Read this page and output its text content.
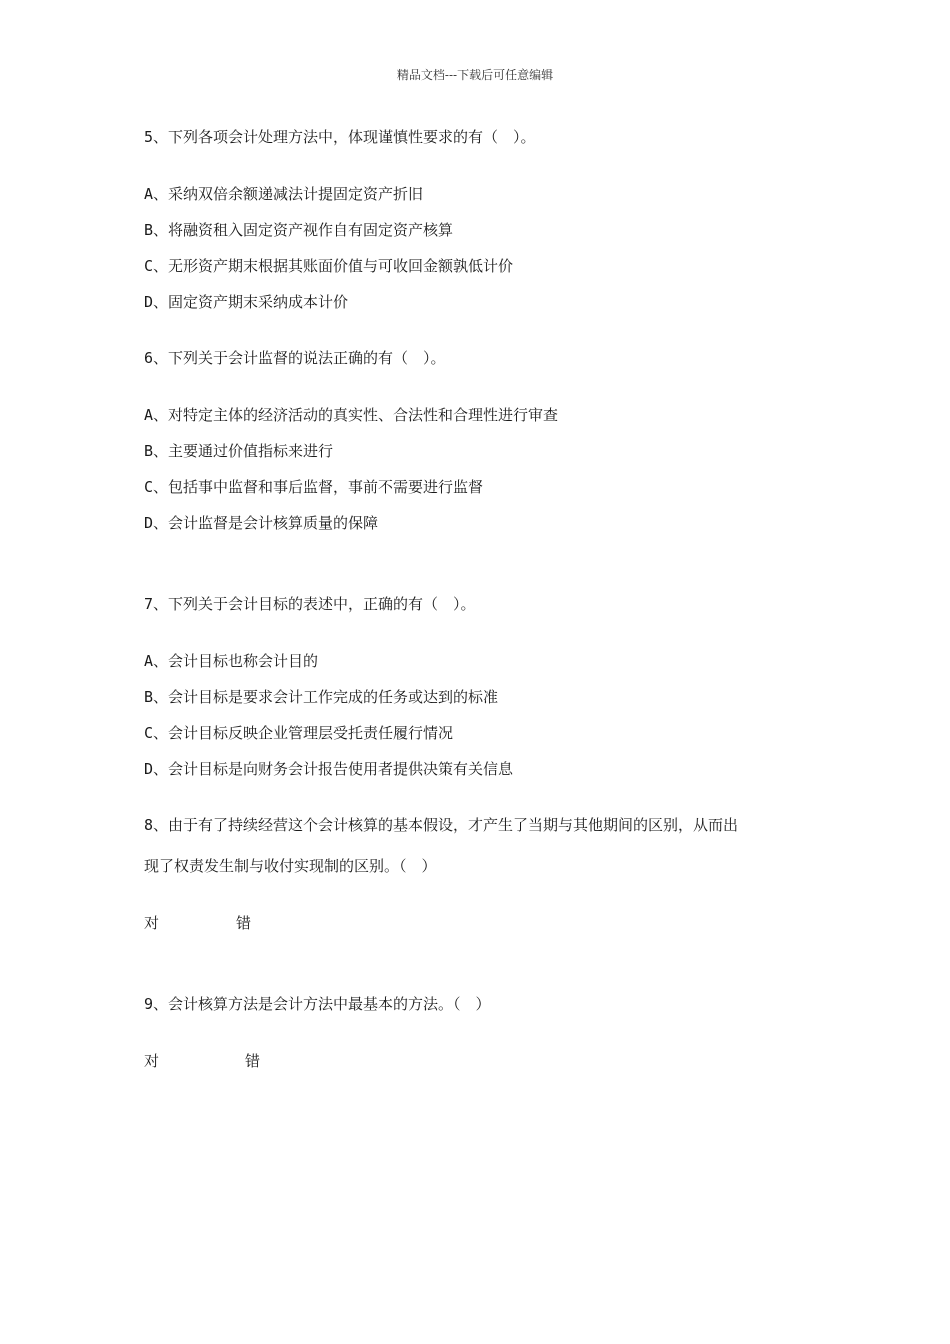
精品文档---下载后可任意编辑
5、下列各项会计处理方法中，体现谨慎性要求的有（　）。
A、采纳双倍余额递减法计提固定资产折旧
B、将融资租入固定资产视作自有固定资产核算
C、无形资产期末根据其账面价值与可收回金额孰低计价
D、固定资产期末采纳成本计价
6、下列关于会计监督的说法正确的有（　）。
A、对特定主体的经济活动的真实性、合法性和合理性进行审查
B、主要通过价值指标来进行
C、包括事中监督和事后监督，事前不需要进行监督
D、会计监督是会计核算质量的保障
7、下列关于会计目标的表述中，正确的有（　）。
A、会计目标也称会计目的
B、会计目标是要求会计工作完成的任务或达到的标准
C、会计目标反映企业管理层受托责任履行情况
D、会计目标是向财务会计报告使用者提供决策有关信息
8、由于有了持续经营这个会计核算的基本假设，才产生了当期与其他期间的区别，从而出
现了权责发生制与收付实现制的区别。（　）
对	错
9、会计核算方法是会计方法中最基本的方法。（　）
对	错
